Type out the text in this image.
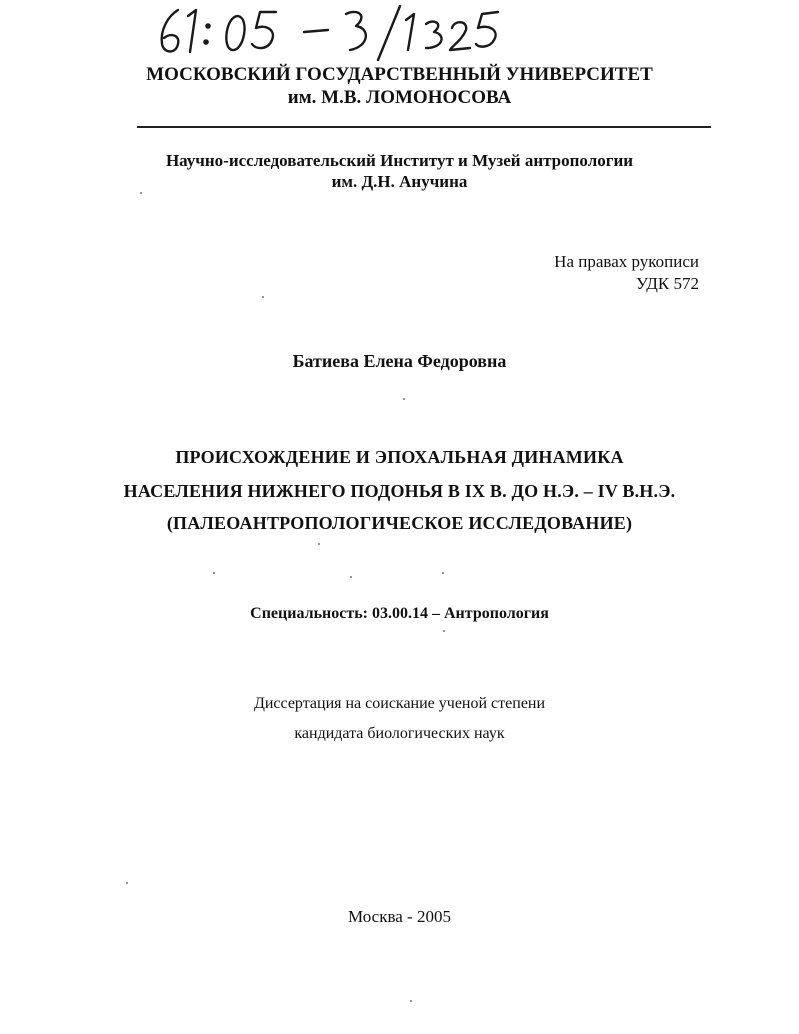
МОСКОВСКИЙ ГОСУДАРСТВЕННЫЙ УНИВЕРСИТЕТ
им. М.В. ЛОМОНОСОВА
Научно-исследовательский Институт и Музей антропологии
им. Д.Н. Анучина
На правах рукописи
УДК 572
Батиева Елена Федоровна
ПРОИСХОЖДЕНИЕ И ЭПОХАЛЬНАЯ ДИНАМИКА
НАСЕЛЕНИЯ НИЖНЕГО ПОДОНЬЯ В IX В. ДО Н.Э. – IV В.Н.Э.
(ПАЛЕОАНТРОПОЛОГИЧЕСКОЕ ИССЛЕДОВАНИЕ)
Специальность: 03.00.14 – Антропология
Диссертация на соискание ученой степени
кандидата биологических наук
Москва - 2005
